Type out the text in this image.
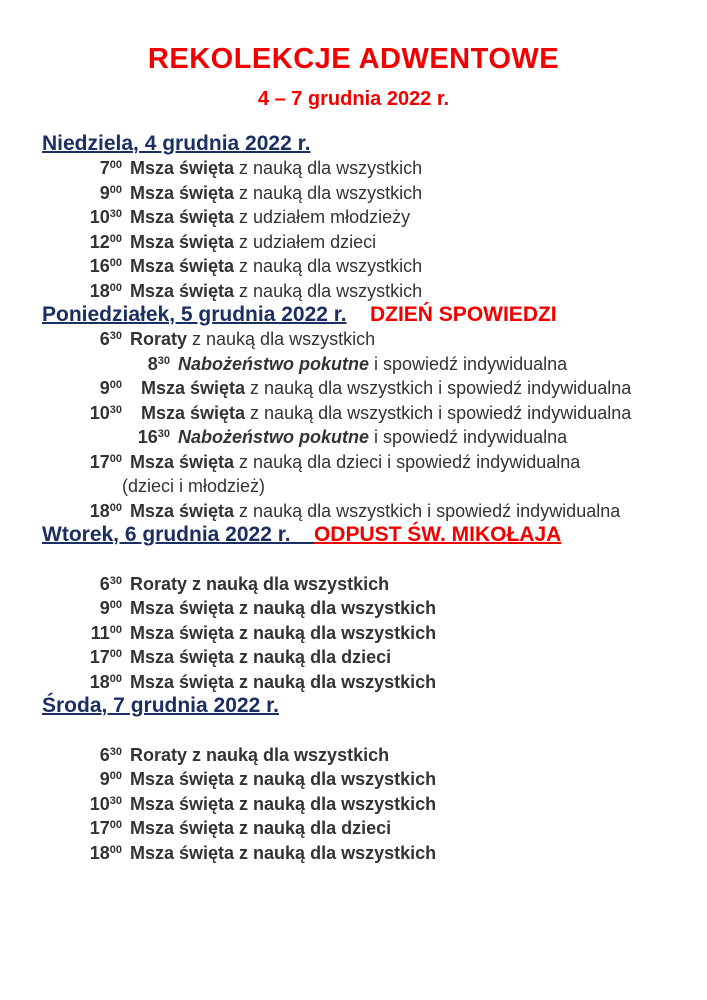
REKOLEKCJE ADWENTOWE
4 – 7 grudnia 2022 r.
Niedziela, 4 grudnia 2022 r.
$7^{00}$ Msza święta z nauką dla wszystkich
$9^{00}$ Msza święta z nauką dla wszystkich
$10^{30}$ Msza święta z udziałem młodzieży
$12^{00}$ Msza święta z udziałem dzieci
$16^{00}$ Msza święta z nauką dla wszystkich
$18^{00}$ Msza święta z nauką dla wszystkich
Poniedziałek, 5 grudnia 2022 r. DZIEŃ SPOWIEDZI
$6^{30}$ Roraty z nauką dla wszystkich
$8^{30}$ Nabożeństwo pokutne i spowiedź indywidualna
$9^{00}$ Msza święta z nauką dla wszystkich i spowiedź indywidualna
$10^{30}$ Msza święta z nauką dla wszystkich i spowiedź indywidualna
$16^{30}$ Nabożeństwo pokutne i spowiedź indywidualna
$17^{00}$ Msza święta z nauką dla dzieci i spowiedź indywidualna
(dzieci i młodzież)
$18^{00}$ Msza święta z nauką dla wszystkich i spowiedź indywidualna
Wtorek, 6 grudnia 2022 r. ODPUST ŚW. MIKOŁAJA
$6^{30}$ Roraty z nauką dla wszystkich
$9^{00}$ Msza święta z nauką dla wszystkich
$11^{00}$ Msza święta z nauką dla wszystkich
$17^{00}$ Msza święta z nauką dla dzieci
$18^{00}$ Msza święta z nauką dla wszystkich
Środa, 7 grudnia 2022 r.
$6^{30}$ Roraty z nauką dla wszystkich
$9^{00}$ Msza święta z nauką dla wszystkich
$10^{30}$ Msza święta z nauką dla wszystkich
$17^{00}$ Msza święta z nauką dla dzieci
$18^{00}$ Msza święta z nauką dla wszystkich
